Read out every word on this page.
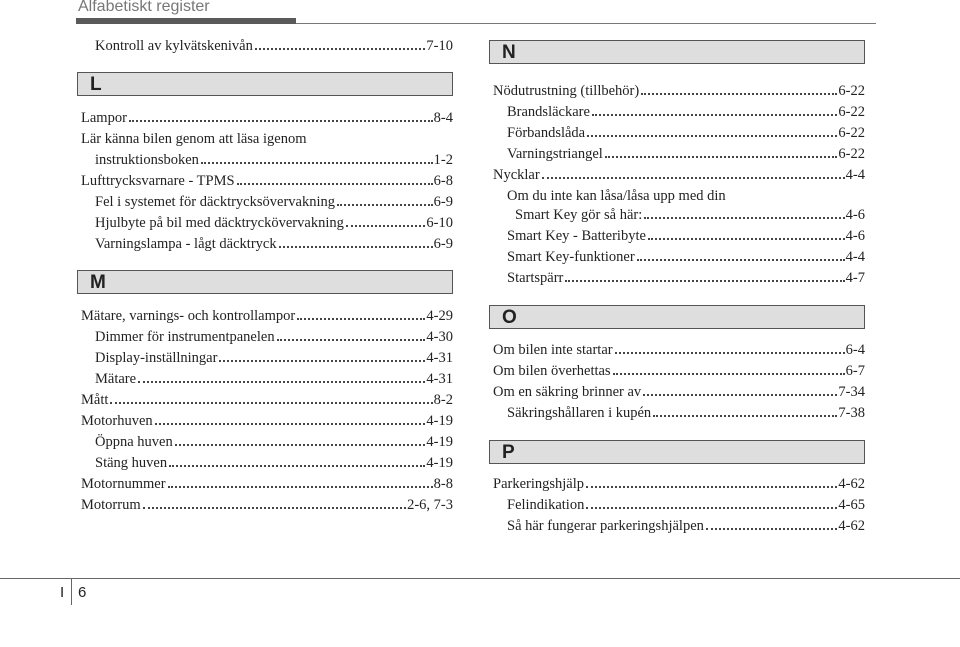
Alfabetiskt register
Kontroll av kylvätskenivån	7-10
L
Lampor	8-4
Lär känna bilen genom att läsa igenom
instruktionsboken	1-2
Lufttrycksvarnare - TPMS	6-8
Fel i systemet för däcktrycksövervakning	6-9
Hjulbyte på bil med däcktryckövervakning	6-10
Varningslampa - lågt däcktryck	6-9
M
Mätare, varnings- och kontrollampor	4-29
Dimmer för instrumentpanelen	4-30
Display-inställningar	4-31
Mätare	4-31
Mått	8-2
Motorhuven	4-19
Öppna huven	4-19
Stäng huven	4-19
Motornummer	8-8
Motorrum	2-6, 7-3
N
Nödutrustning (tillbehör)	6-22
Brandsläckare	6-22
Förbandslåda	6-22
Varningstriangel	6-22
Nycklar	4-4
Om du inte kan låsa/låsa upp med din
Smart Key gör så här:	4-6
Smart Key - Batteribyte	4-6
Smart Key-funktioner	4-4
Startspärr	4-7
O
Om bilen inte startar	6-4
Om bilen överhettas	6-7
Om en säkring brinner av	7-34
Säkringshållaren i kupén	7-38
P
Parkeringshjälp	4-62
Felindikation	4-65
Så här fungerar parkeringshjälpen	4-62
I 6
